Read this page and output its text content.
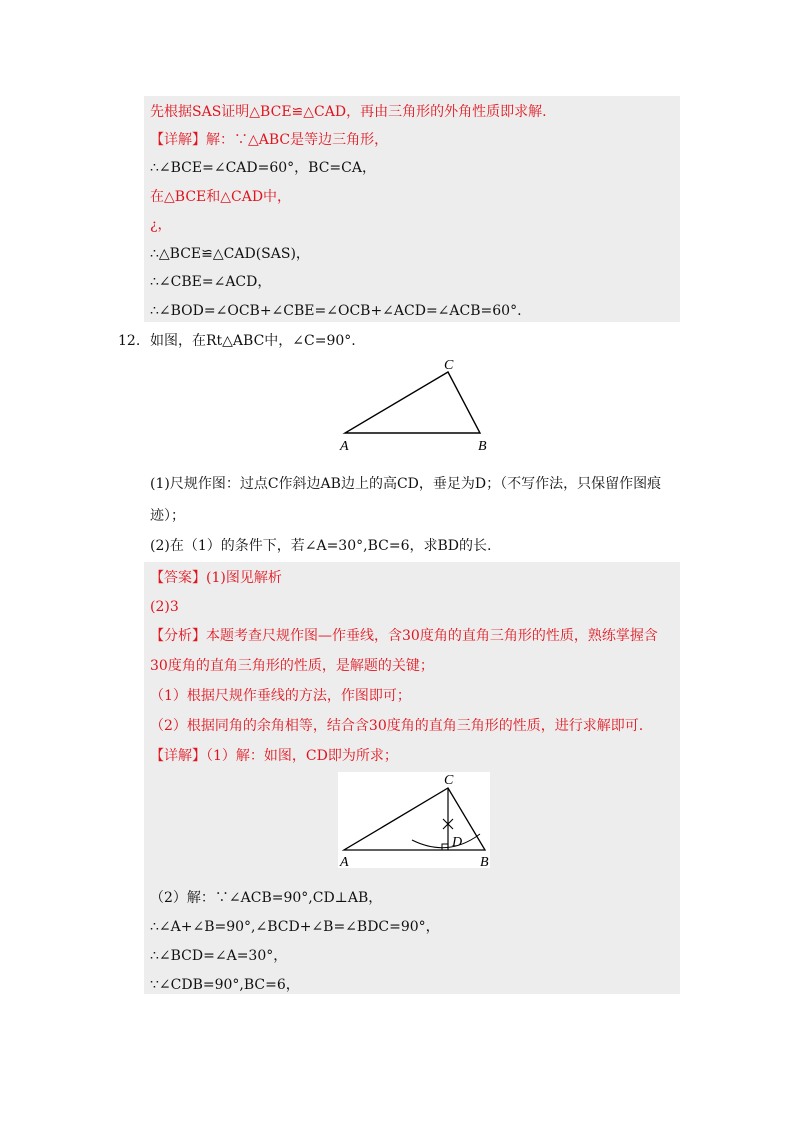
先根据SAS证明△BCE≌△CAD，再由三角形的外角性质即求解.
【详解】解：∵△ABC是等边三角形，
∴∠BCE=∠CAD=60°，BC=CA，
在△BCE和△CAD中，
¿，
∴△BCE≌△CAD(SAS)，
∴∠CBE=∠ACD，
∴∠BOD=∠OCB+∠CBE=∠OCB+∠ACD=∠ACB=60°.
12. 如图，在Rt△ABC中，∠C=90°.
C
A	B
(1)尺规作图：过点C作斜边AB边上的高CD，垂足为D；（不写作法，只保留作图痕
迹）；
(2)在（1）的条件下，若∠A=30°,BC=6，求BD的长.
【答案】(1)图见解析
(2)3
【分析】本题考查尺规作图—作垂线，含30度角的直角三角形的性质，熟练掌握含
30度角的直角三角形的性质，是解题的关键；
（1）根据尺规作垂线的方法，作图即可；
（2）根据同角的余角相等，结合含30度角的直角三角形的性质，进行求解即可.
【详解】（1）解：如图，CD即为所求；
C
D
A	B
（2）解：∵∠ACB=90°,CD⊥AB，
∴∠A+∠B=90°,∠BCD+∠B=∠BDC=90°，
∴∠BCD=∠A=30°，
∵∠CDB=90°,BC=6，
